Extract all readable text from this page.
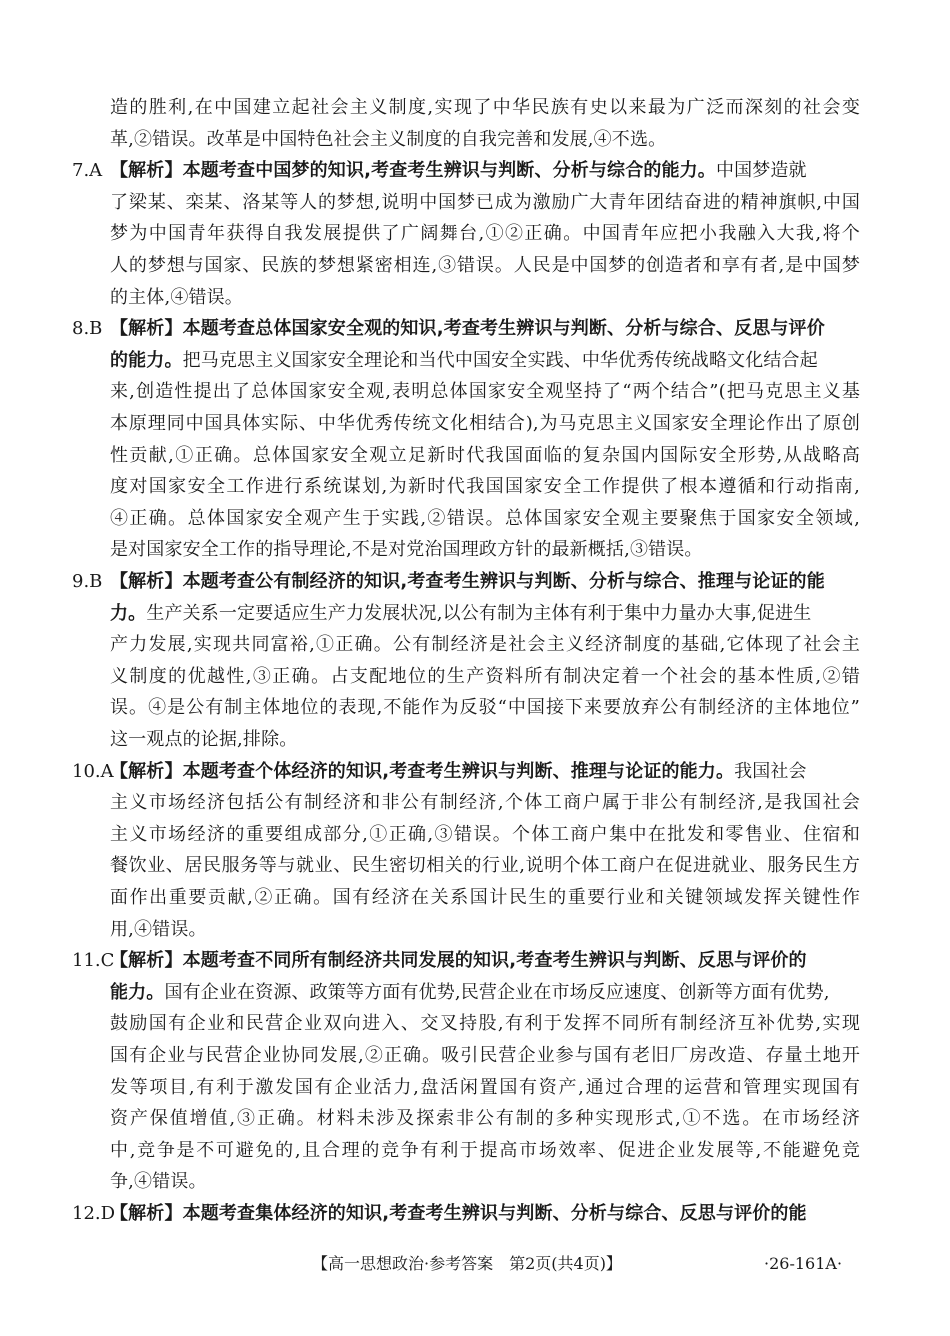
造的胜利,在中国建立起社会主义制度,实现了中华民族有史以来最为广泛而深刻的社会变
革,②错误。改革是中国特色社会主义制度的自我完善和发展,④不选。
7.A 【解析】本题考查中国梦的知识,考查考生辨识与判断、分析与综合的能力。中国梦造就
了梁某、栾某、洛某等人的梦想,说明中国梦已成为激励广大青年团结奋进的精神旗帜,中国
梦为中国青年获得自我发展提供了广阔舞台,①②正确。中国青年应把小我融入大我,将个
人的梦想与国家、民族的梦想紧密相连,③错误。人民是中国梦的创造者和享有者,是中国梦
的主体,④错误。
8.B 【解析】本题考查总体国家安全观的知识,考查考生辨识与判断、分析与综合、反思与评价
的能力。把马克思主义国家安全理论和当代中国安全实践、中华优秀传统战略文化结合起
来,创造性提出了总体国家安全观,表明总体国家安全观坚持了“两个结合”(把马克思主义基
本原理同中国具体实际、中华优秀传统文化相结合),为马克思主义国家安全理论作出了原创
性贡献,①正确。总体国家安全观立足新时代我国面临的复杂国内国际安全形势,从战略高
度对国家安全工作进行系统谋划,为新时代我国国家安全工作提供了根本遵循和行动指南,
④正确。总体国家安全观产生于实践,②错误。总体国家安全观主要聚焦于国家安全领域,
是对国家安全工作的指导理论,不是对党治国理政方针的最新概括,③错误。
9.B 【解析】本题考查公有制经济的知识,考查考生辨识与判断、分析与综合、推理与论证的能
力。生产关系一定要适应生产力发展状况,以公有制为主体有利于集中力量办大事,促进生
产力发展,实现共同富裕,①正确。公有制经济是社会主义经济制度的基础,它体现了社会主
义制度的优越性,③正确。占支配地位的生产资料所有制决定着一个社会的基本性质,②错
误。④是公有制主体地位的表现,不能作为反驳“中国接下来要放弃公有制经济的主体地位”
这一观点的论据,排除。
10.A
【解析】本题考查个体经济的知识,考查考生辨识与判断、推理与论证的能力。我国社会
主义市场经济包括公有制经济和非公有制经济,个体工商户属于非公有制经济,是我国社会
主义市场经济的重要组成部分,①正确,③错误。个体工商户集中在批发和零售业、住宿和
餐饮业、居民服务等与就业、民生密切相关的行业,说明个体工商户在促进就业、服务民生方
面作出重要贡献,②正确。国有经济在关系国计民生的重要行业和关键领域发挥关键性作
用,④错误。
11.C
【解析】本题考查不同所有制经济共同发展的知识,考查考生辨识与判断、反思与评价的
能力。国有企业在资源、政策等方面有优势,民营企业在市场反应速度、创新等方面有优势,
鼓励国有企业和民营企业双向进入、交叉持股,有利于发挥不同所有制经济互补优势,实现
国有企业与民营企业协同发展,②正确。吸引民营企业参与国有老旧厂房改造、存量土地开
发等项目,有利于激发国有企业活力,盘活闲置国有资产,通过合理的运营和管理实现国有
资产保值增值,③正确。材料未涉及探索非公有制的多种实现形式,①不选。在市场经济
中,竞争是不可避免的,且合理的竞争有利于提高市场效率、促进企业发展等,不能避免竞
争,④错误。
12.D
【解析】本题考查集体经济的知识,考查考生辨识与判断、分析与综合、反思与评价的能
【高一思想政治·参考答案　第2页(共4页)】	·26-161A·
